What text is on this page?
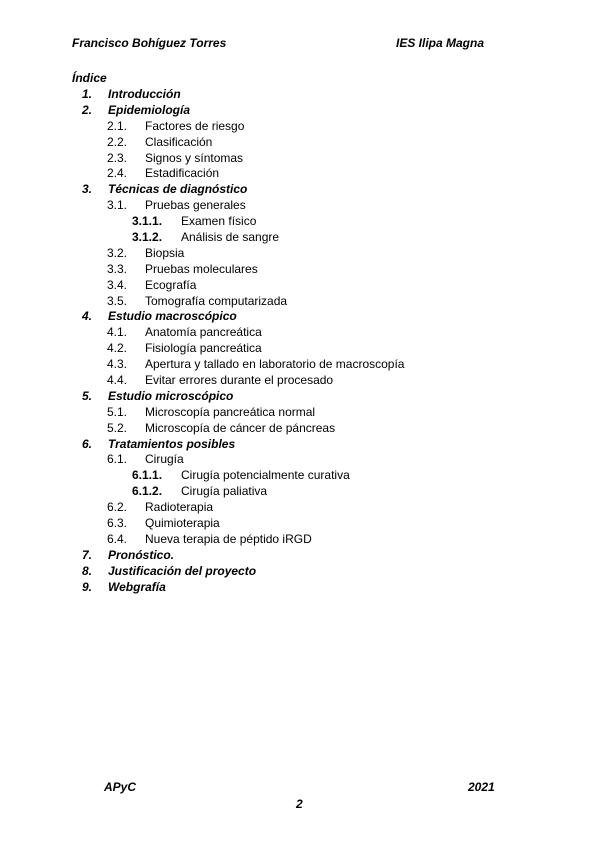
Francisco Bohíguez Torres	IES Ilipa Magna
Índice
1. Introducción
2. Epidemiología
2.1. Factores de riesgo
2.2. Clasificación
2.3. Signos y síntomas
2.4. Estadificación
3. Técnicas de diagnóstico
3.1. Pruebas generales
3.1.1. Examen físico
3.1.2. Análisis de sangre
3.2. Biopsia
3.3. Pruebas moleculares
3.4. Ecografía
3.5. Tomografía computarizada
4. Estudio macroscópico
4.1. Anatomía pancreática
4.2. Fisiología pancreática
4.3. Apertura y tallado en laboratorio de macroscopía
4.4. Evitar errores durante el procesado
5. Estudio microscópico
5.1. Microscopía pancreática normal
5.2. Microscopía de cáncer de páncreas
6. Tratamientos posibles
6.1. Cirugía
6.1.1. Cirugía potencialmente curativa
6.1.2. Cirugía paliativa
6.2. Radioterapia
6.3. Quimioterapia
6.4. Nueva terapia de péptido iRGD
7. Pronóstico.
8. Justificación del proyecto
9. Webgrafía
APyC	2021
2
